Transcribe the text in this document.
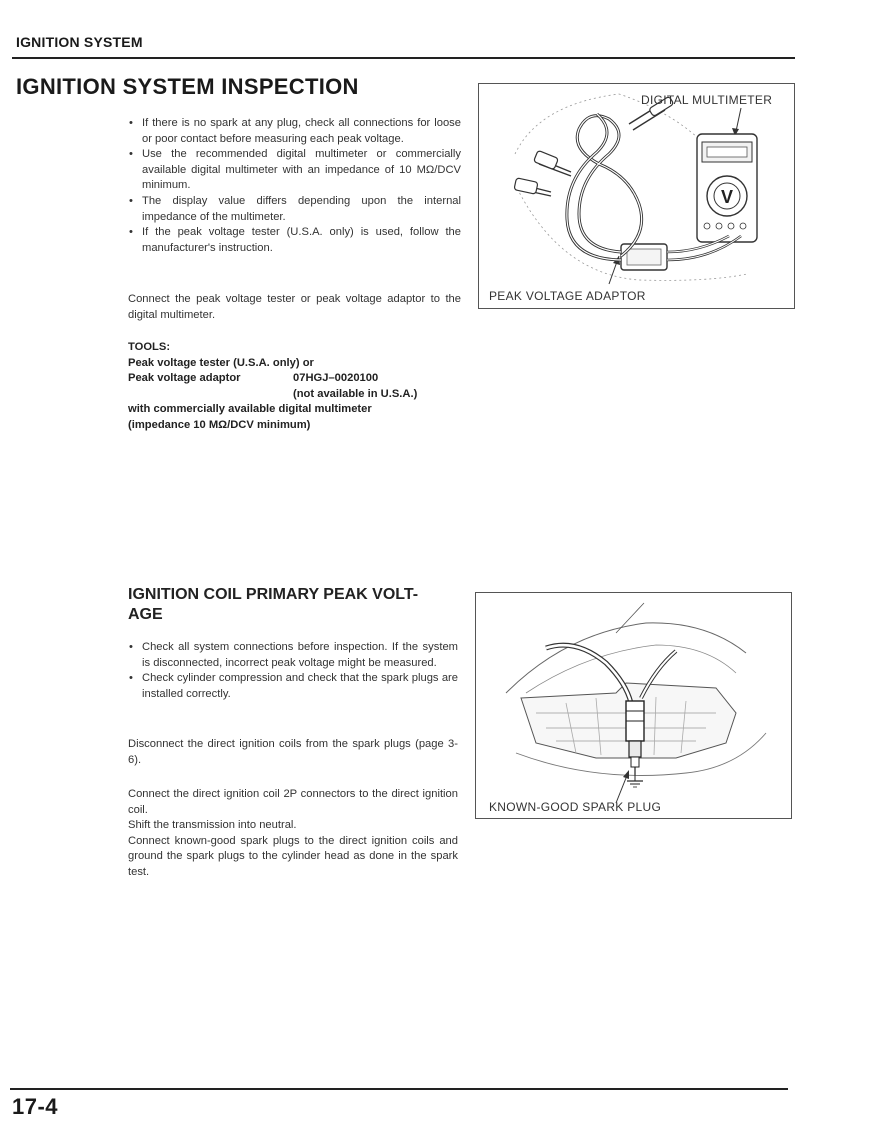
IGNITION SYSTEM
IGNITION SYSTEM INSPECTION
• If there is no spark at any plug, check all connections for loose or poor contact before measuring each peak voltage.
• Use the recommended digital multimeter or commercially available digital multimeter with an impedance of 10 MΩ/DCV minimum.
• The display value differs depending upon the internal impedance of the multimeter.
• If the peak voltage tester (U.S.A. only) is used, follow the manufacturer's instruction.

Connect the peak voltage tester or peak voltage adaptor to the digital multimeter.

TOOLS:
Peak voltage tester (U.S.A. only) or
Peak voltage adaptor	07HGJ–0020100
(not available in U.S.A.)
with commercially available digital multimeter
(impedance 10 MΩ/DCV minimum)
V
DIGITAL MULTIMETER
PEAK VOLTAGE ADAPTOR
IGNITION COIL PRIMARY PEAK VOLT-
AGE
• Check all system connections before inspection. If the system is disconnected, incorrect peak voltage might be measured.
• Check cylinder compression and check that the spark plugs are installed correctly.

Disconnect the direct ignition coils from the spark plugs (page 3-6).

Connect the direct ignition coil 2P connectors to the direct ignition coil.

Shift the transmission into neutral.

Connect known-good spark plugs to the direct ignition coils and ground the spark plugs to the cylinder head as done in the spark test.

KNOWN-GOOD SPARK PLUG
17-4
